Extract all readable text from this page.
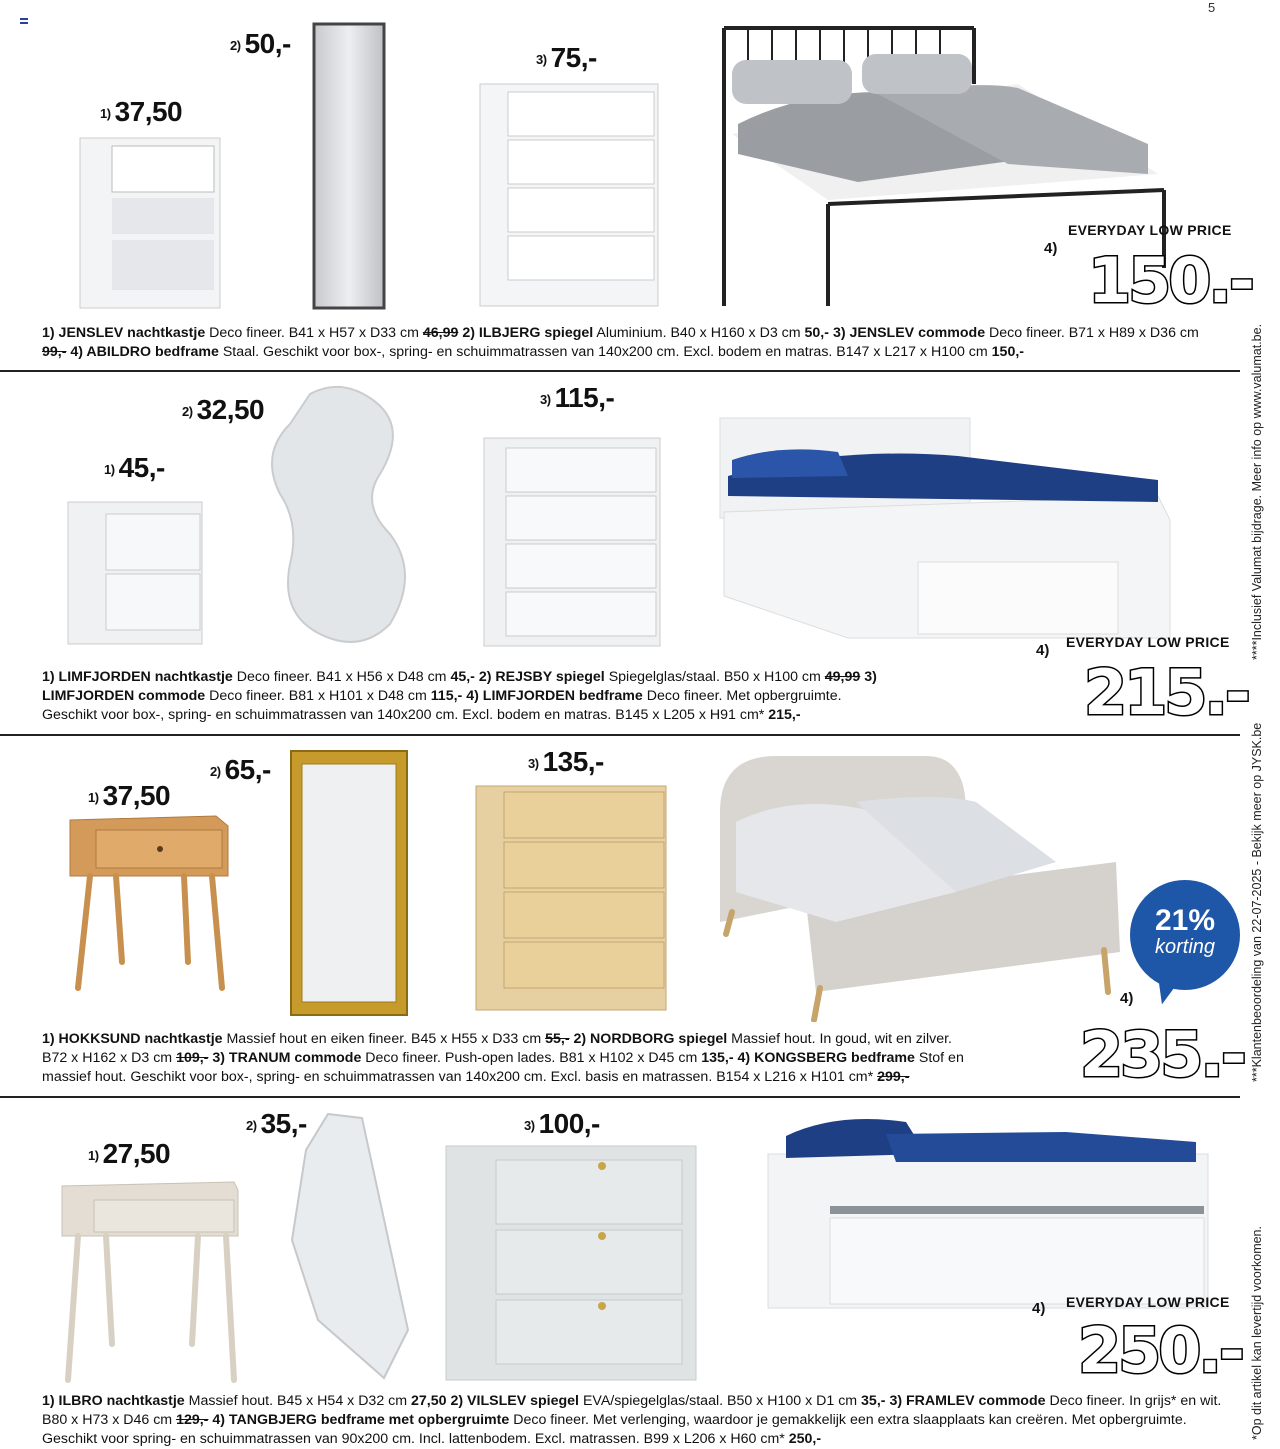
5
****Inclusief Valumat bijdrage. Meer info op www.valumat.be.
***Klantenbeoordeling van 22-07-2025 - Bekijk meer op JYSK.be
*Op dit artikel kan levertijd voorkomen.
1) 37,50
2) 50,-
3) 75,-
EVERYDAY LOW PRICE
4) 150.-
1) JENSLEV nachtkastje Deco fineer. B41 x H57 x D33 cm 46,99 2) ILBJERG spiegel Aluminium. B40 x H160 x D3 cm 50,- 3) JENSLEV commode Deco fineer. B71 x H89 x D36 cm 99,- 4) ABILDRO bedframe Staal. Geschikt voor box-, spring- en schuimmatrassen van 140x200 cm. Excl. bodem en matras. B147 x L217 x H100 cm 150,-
1) 45,-
2) 32,50	3) 115,-
EVERYDAY LOW PRICE
4)
215.-
1) LIMFJORDEN nachtkastje Deco fineer. B41 x H56 x D48 cm 45,- 2) REJSBY spiegel Spiegelglas/staal. B50 x H100 cm 49,99 3) LIMFJORDEN commode Deco fineer. B81 x H101 x D48 cm 115,- 4) LIMFJORDEN bedframe Deco fineer. Met opbergruimte. Geschikt voor box-, spring- en schuimmatrassen van 140x200 cm. Excl. bodem en matras. B145 x L205 x H91 cm* 215,-
1) 37,50
2) 65,-	3) 135,-
21%
korting
4)
235.-
1) HOKKSUND nachtkastje Massief hout en eiken fineer. B45 x H55 x D33 cm 55,- 2) NORDBORG spiegel Massief hout. In goud, wit en zilver. B72 x H162 x D3 cm 109,- 3) TRANUM commode Deco fineer. Push-open lades. B81 x H102 x D45 cm 135,- 4) KONGSBERG bedframe Stof en massief hout. Geschikt voor box-, spring- en schuimmatrassen van 140x200 cm. Excl. basis en matrassen. B154 x L216 x H101 cm* 299,-
1) 27,50
2) 35,-	3) 100,-
EVERYDAY LOW PRICE
4)
250.-
1) ILBRO nachtkastje Massief hout. B45 x H54 x D32 cm 27,50 2) VILSLEV spiegel EVA/spiegelglas/staal. B50 x H100 x D1 cm 35,- 3) FRAMLEV commode Deco fineer. In grijs* en wit. B80 x H73 x D46 cm 129,- 4) TANGBJERG bedframe met opbergruimte Deco fineer. Met verlenging, waardoor je gemakkelijk een extra slaapplaats kan creëren. Met opbergruimte. Geschikt voor spring- en schuimmatrassen van 90x200 cm. Incl. lattenbodem. Excl. matrassen. B99 x L206 x H60 cm* 250,-
